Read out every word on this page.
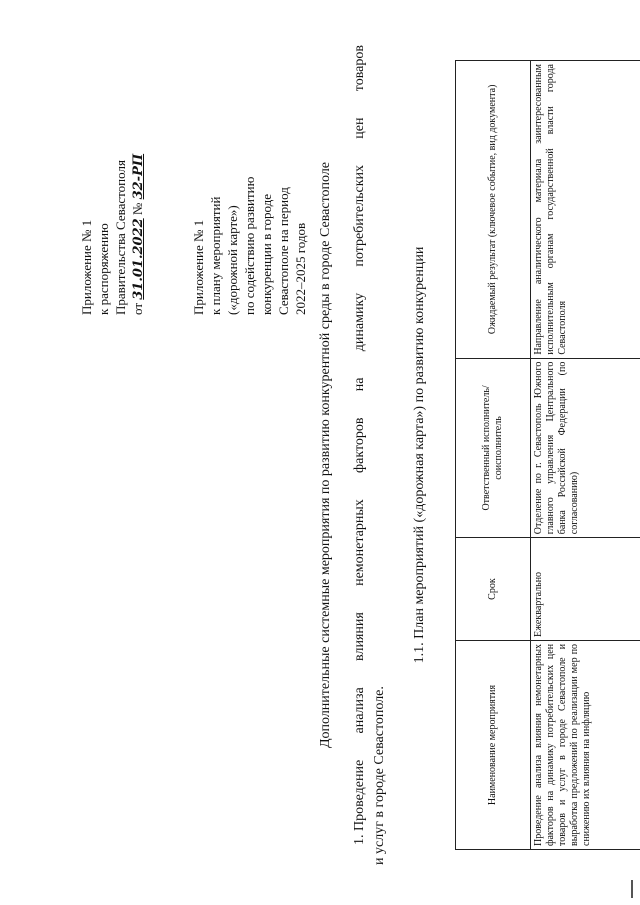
Приложение № 1 к распоряжению Правительства Севастополя от 31.01.2022 № 32-РП
Приложение № 1 к плану мероприятий («дорожной карте») по содействию развитию конкуренции в городе Севастополе на период 2022–2025 годов Дополнительные системные мероприятия по развитию конкурентной среды в городе Севастополе
1. Проведение
анализа
влияния
немонетарных
факторов
на
динамику
потребительских
цен
товаров
и услуг в городе Севастополе.
1.1. План мероприятий («дорожная карта») по развитию конкуренции
Наименование мероприятия	Срок	Ответственный исполнитель/ соисполнитель	Ожидаемый результат (ключевое событие, вид документа)
Проведение анализа влияния немонетарных факторов на динамику потребительских цен товаров и услуг в городе Севастополе и выработка предложений по реализации мер по снижению их влияния на инфляцию	Ежеквартально	Отделение по г. Севастополь Южного главного управления Центрального банка Российской Федерации (по согласованию)	Направление аналитического материала заинтересованным исполнительным органам государственной власти города Севастополя
